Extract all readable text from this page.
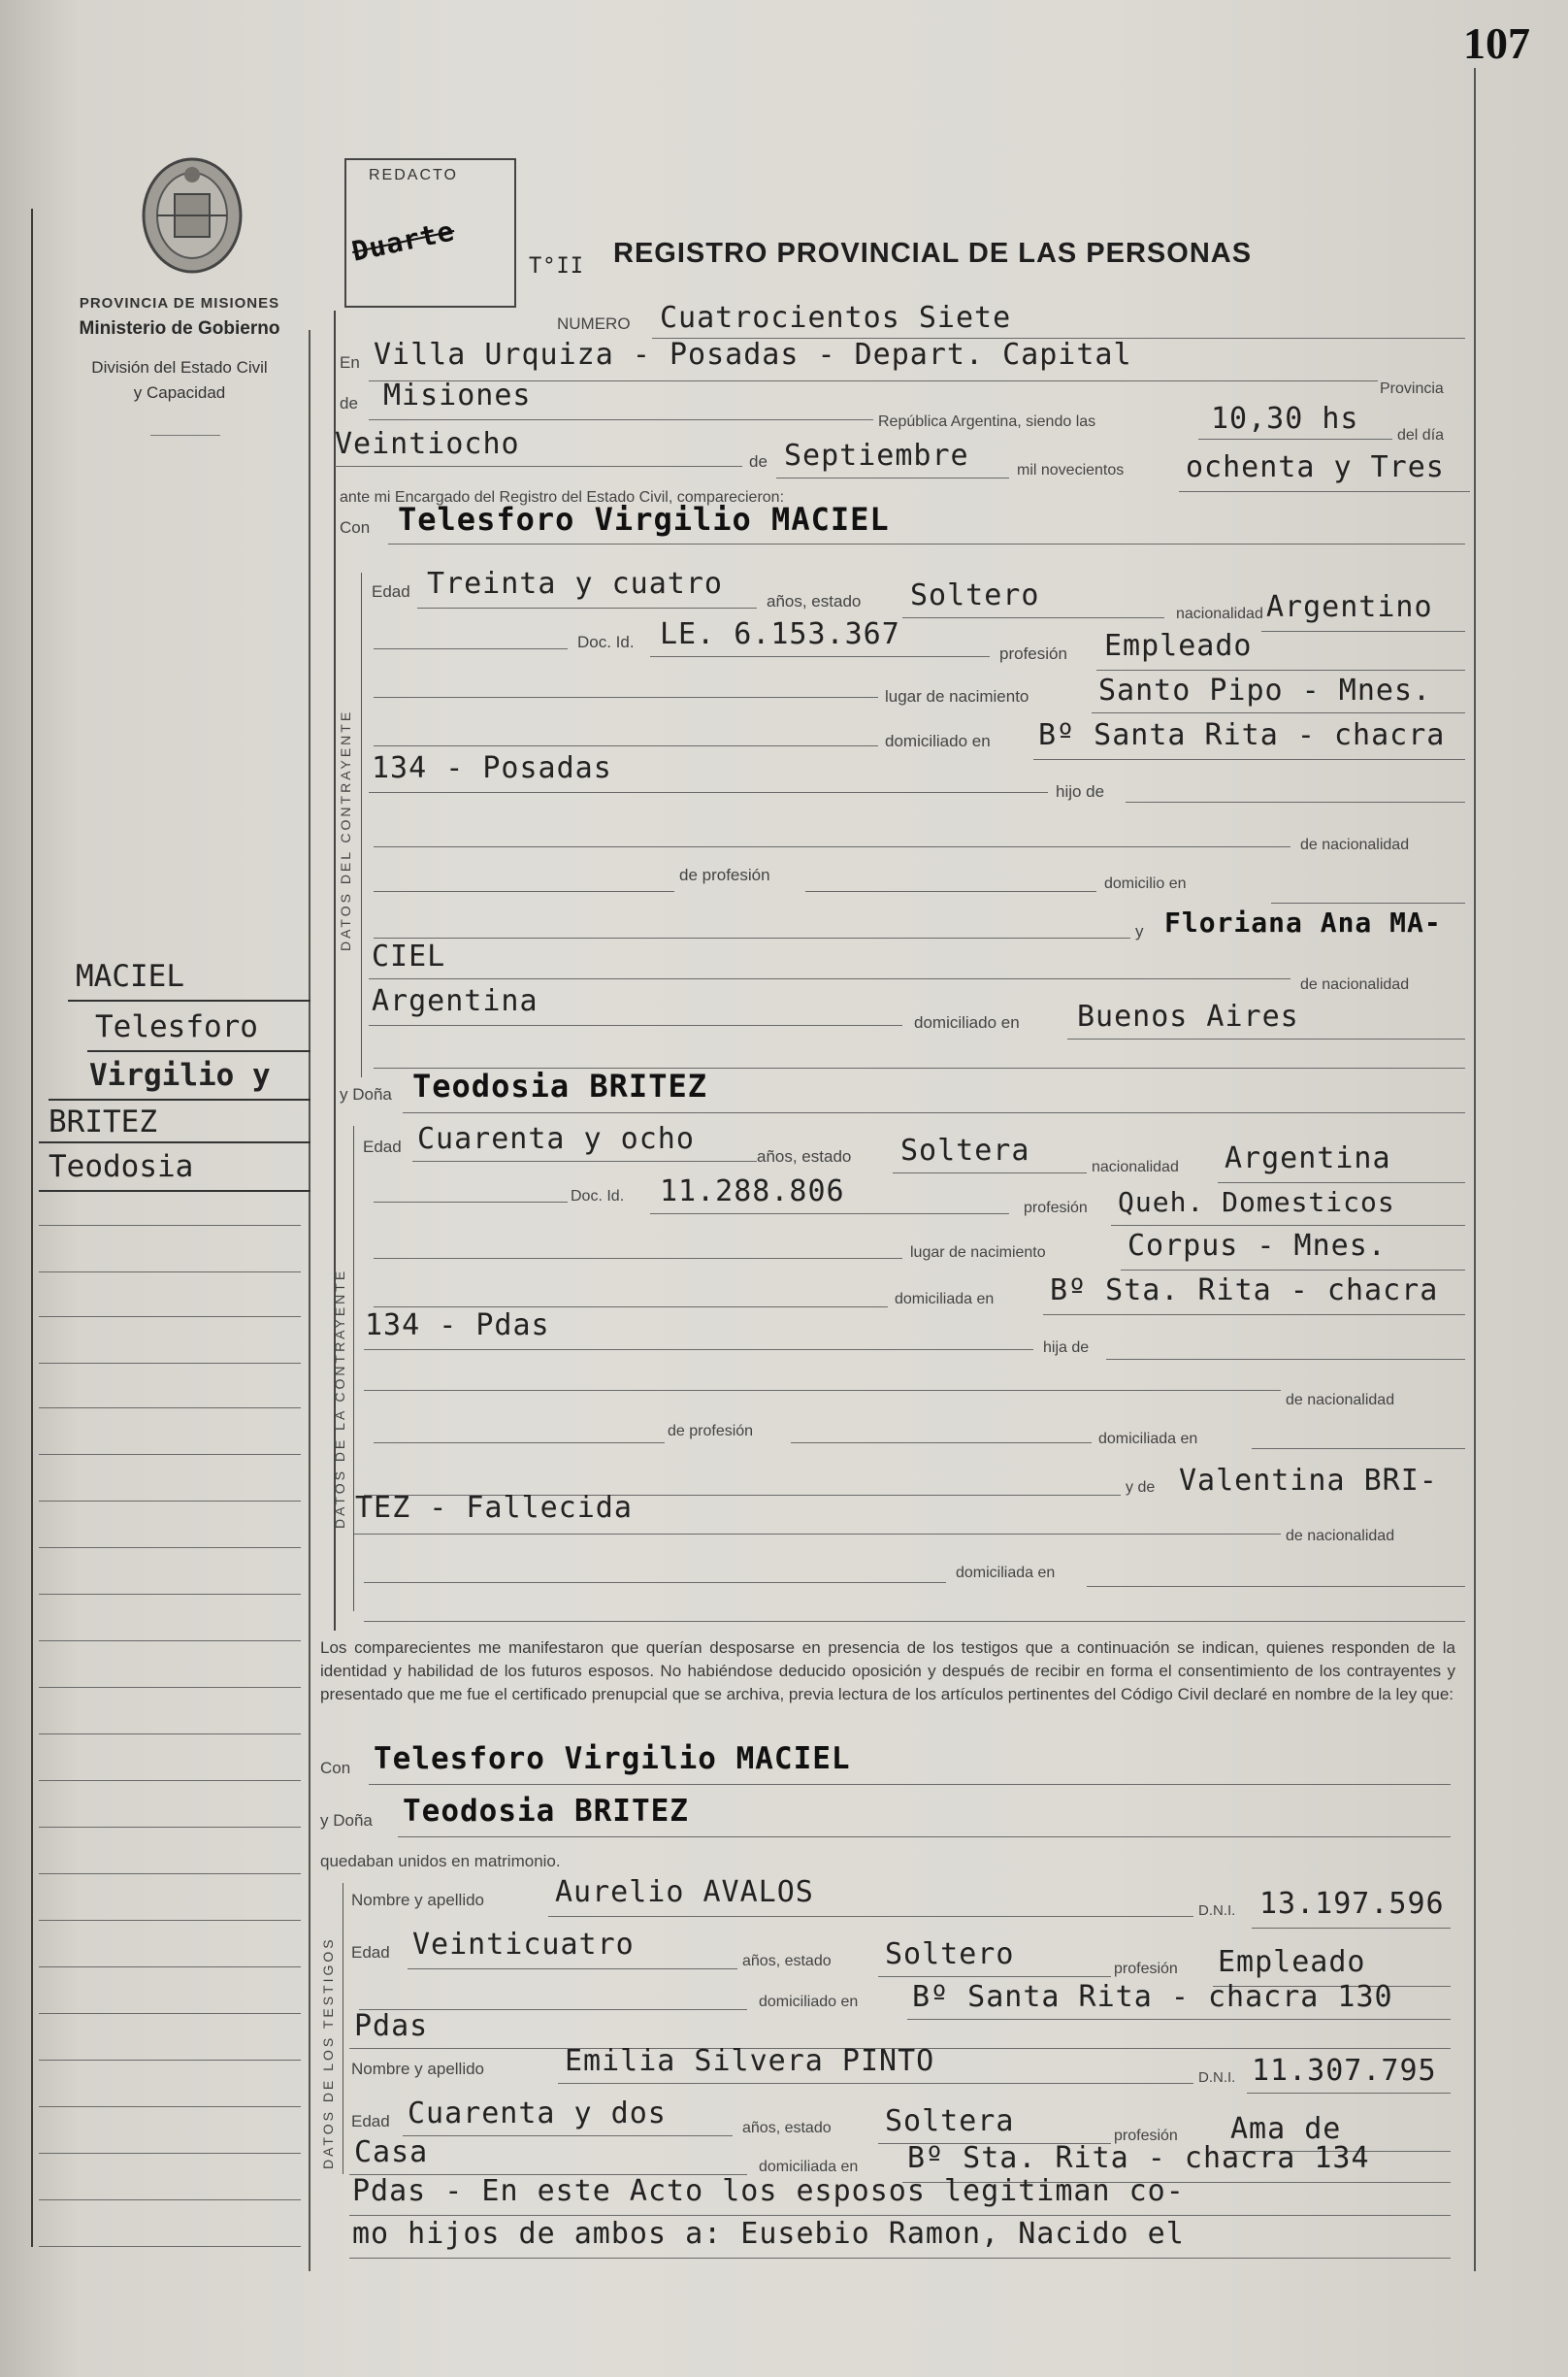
107
PROVINCIA DE MISIONES
Ministerio de Gobierno
División del Estado Civil
y Capacidad
REDACTO
Duarte	T°II REGISTRO PROVINCIAL DE LAS PERSONAS
NUMERO Cuatrocientos Siete
En Villa Urquiza - Posadas - Depart. Capital
Provincia
de Misiones
República Argentina, siendo las	10,30 hs del día
Veintiocho
de Septiembre	mil novecientos ochenta y Tres
ante mi Encargado del Registro del Estado Civil, comparecieron:
Con Telesforo Virgilio MACIEL
DATOS DEL CONTRAYENTE
Edad Treinta y cuatro
años, estado Soltero
nacionalidad Argentino
Doc. Id. LE. 6.153.367
profesión Empleado
lugar de nacimiento Santo Pipo - Mnes.
domiciliado en Bº Santa Rita - chacra
134 - Posadas
hijo de
de nacionalidad
de profesión	domicilio en
y Floriana Ana MA-
CIEL
de nacionalidad
Argentina
domiciliado en Buenos Aires
y Doña Teodosia BRITEZ
DATOS DE LA CONTRAYENTE
Edad Cuarenta y ocho
años, estado Soltera	nacionalidad Argentina
Doc. Id. 11.288.806	profesión Queh. Domesticos
lugar de nacimiento	Corpus - Mnes.
domiciliada en Bº Sta. Rita - chacra
134 - Pdas
hija de
de nacionalidad
de profesión	domiciliada en
y de Valentina BRI-
TEZ - Fallecida
de nacionalidad
domiciliada en
MACIEL
Telesforo
Virgilio y
BRITEZ
Teodosia
Los comparecientes me manifestaron que querían desposarse en presencia de los testigos que a continuación se indican, quienes responden de la identidad y habilidad de los futuros esposos. No habiéndose deducido oposición y después de recibir en forma el consentimiento de los contrayentes y presentado que me fue el certificado prenupcial que se archiva, previa lectura de los artículos pertinentes del Código Civil declaré en nombre de la ley que:
Con Telesforo Virgilio MACIEL
y Doña Teodosia BRITEZ
quedaban unidos en matrimonio.
DATOS DE LOS TESTIGOS
Nombre y apellido Aurelio AVALOS
D.N.I. 13.197.596
Edad Veinticuatro	años, estado Soltero	profesión Empleado
domiciliado en Bº Santa Rita - chacra 130
Pdas
Nombre y apellido	Emilia Silvera PINTO	D.N.I. 11.307.795
Edad Cuarenta y dos	años, estado Soltera	profesión Ama de
Casa	domiciliada en Bº Sta. Rita - chacra 134
Pdas - En este Acto los esposos legitiman co-
mo hijos de ambos a: Eusebio Ramon, Nacido el
